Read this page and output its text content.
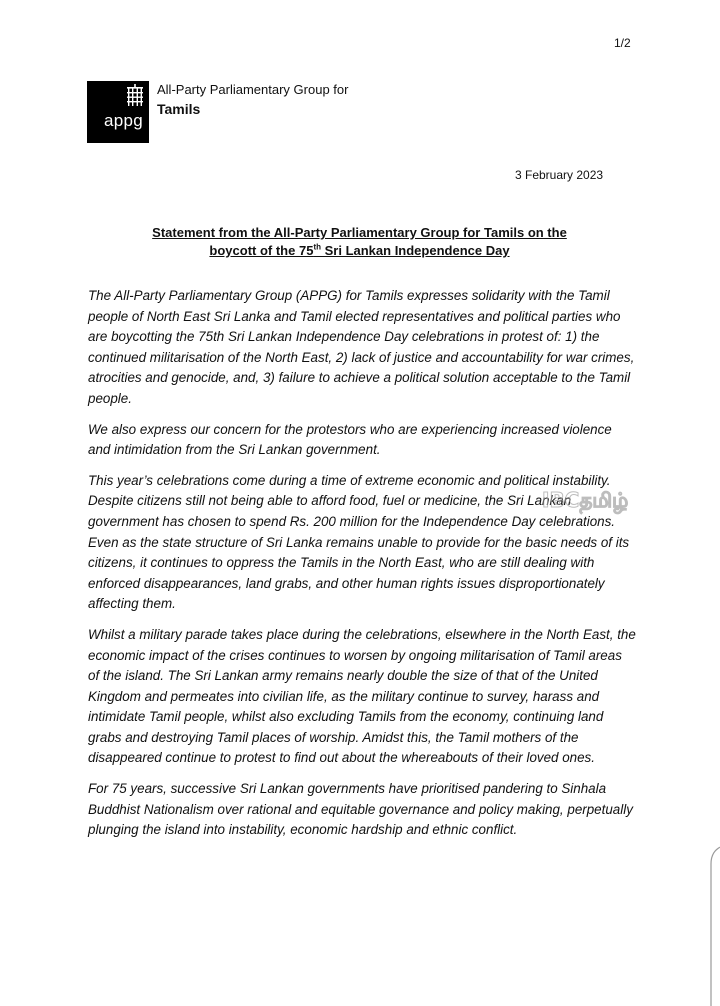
1/2
appg
All-Party Parliamentary Group for
Tamils
3 February 2023
Statement from the All-Party Parliamentary Group for Tamils on the
boycott of the 75th Sri Lankan Independence Day

The All-Party Parliamentary Group (APPG) for Tamils expresses solidarity with the Tamil people of North East Sri Lanka and Tamil elected representatives and political parties who are boycotting the 75th Sri Lankan Independence Day celebrations in protest of: 1) the continued militarisation of the North East, 2) lack of justice and accountability for war crimes, atrocities and genocide, and, 3) failure to achieve a political solution acceptable to the Tamil people.

We also express our concern for the protestors who are experiencing increased violence and intimidation from the Sri Lankan government.

This year’s celebrations come during a time of extreme economic and political instability. Despite citizens still not being able to afford food, fuel or medicine, the Sri Lankan government has chosen to spend Rs. 200 million for the Independence Day celebrations. Even as the state structure of Sri Lanka remains unable to provide for the basic needs of its citizens, it continues to oppress the Tamils in the North East, who are still dealing with enforced disappearances, land grabs, and other human rights issues disproportionately affecting them.

Whilst a military parade takes place during the celebrations, elsewhere in the North East, the economic impact of the crises continues to worsen by ongoing militarisation of Tamil areas of the island. The Sri Lankan army remains nearly double the size of that of the United Kingdom and permeates into civilian life, as the military continue to survey, harass and intimidate Tamil people, whilst also excluding Tamils from the economy, continuing land grabs and destroying Tamil places of worship. Amidst this, the Tamil mothers of the disappeared continue to protest to find out about the whereabouts of their loved ones.

For 75 years, successive Sri Lankan governments have prioritised pandering to Sinhala Buddhist Nationalism over rational and equitable governance and policy making, perpetually plunging the island into instability, economic hardship and ethnic conflict.

IBCதமிழ்
